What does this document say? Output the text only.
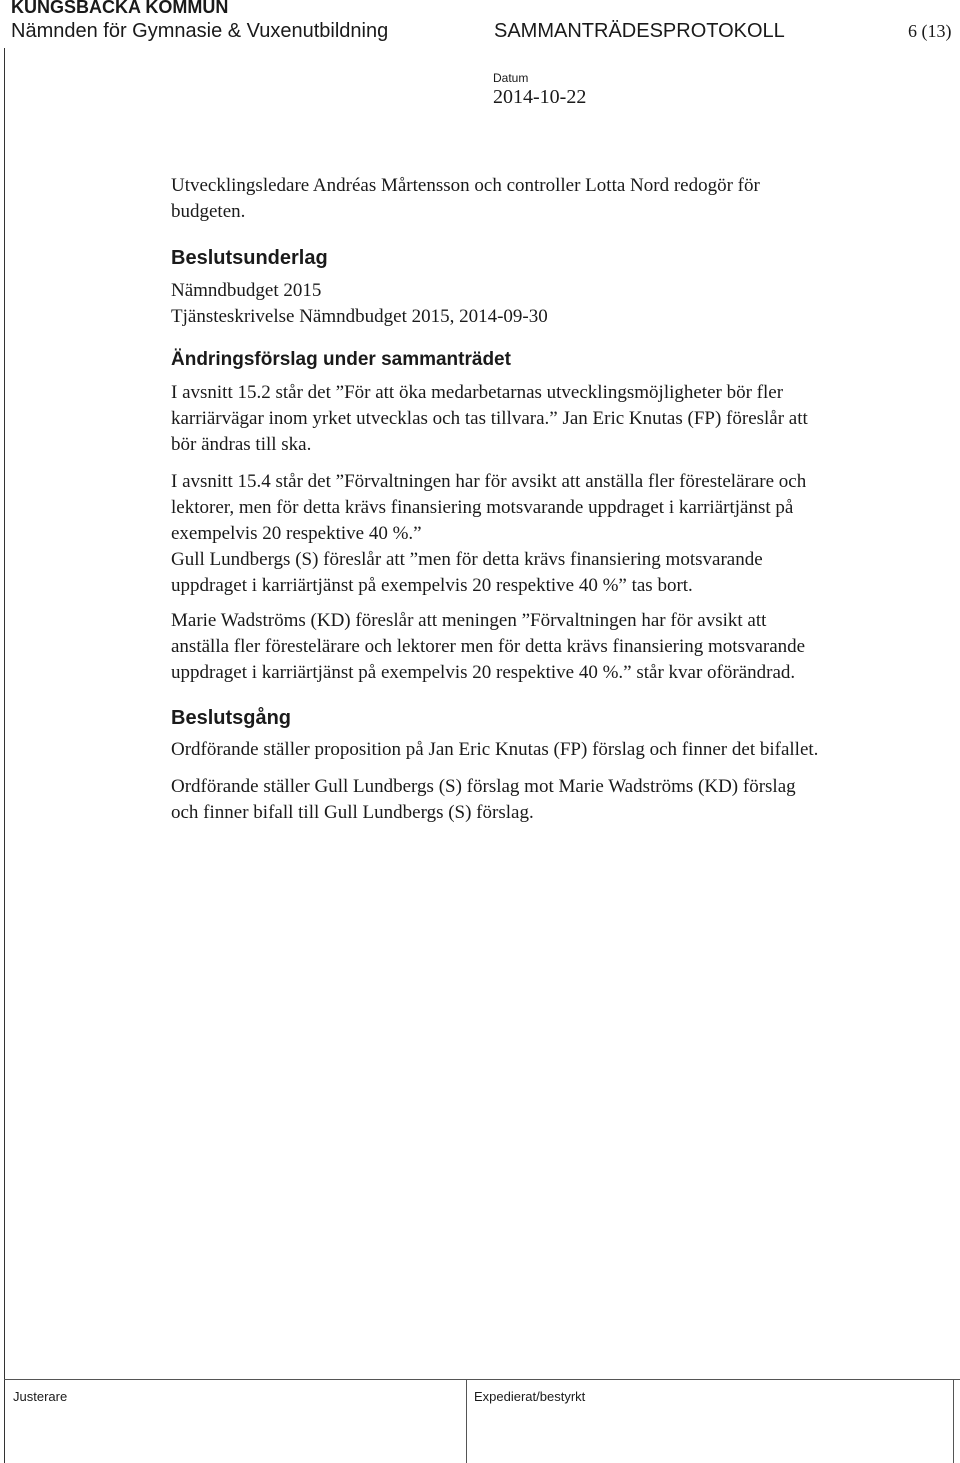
KUNGSBACKA KOMMUN
Nämnden för Gymnasie & Vuxenutbildning	SAMMANTRÄDESPROTOKOLL	6 (13)
Datum
2014-10-22
Utvecklingsledare Andréas Mårtensson och controller Lotta Nord redogör för
budgeten.
Beslutsunderlag
Nämndbudget 2015
Tjänsteskrivelse Nämndbudget 2015, 2014-09-30
Ändringsförslag under sammanträdet
I avsnitt 15.2 står det ”För att öka medarbetarnas utvecklingsmöjligheter bör fler
karriärvägar inom yrket utvecklas och tas tillvara.” Jan Eric Knutas (FP) föreslår att
bör ändras till ska.
I avsnitt 15.4 står det ”Förvaltningen har för avsikt att anställa fler förestelärare och
lektorer, men för detta krävs finansiering motsvarande uppdraget i karriärtjänst på
exempelvis 20 respektive 40 %.”
Gull Lundbergs (S) föreslår att ”men för detta krävs finansiering motsvarande
uppdraget i karriärtjänst på exempelvis 20 respektive 40 %” tas bort.
Marie Wadströms (KD) föreslår att meningen ”Förvaltningen har för avsikt att
anställa fler förestelärare och lektorer men för detta krävs finansiering motsvarande
uppdraget i karriärtjänst på exempelvis 20 respektive 40 %.” står kvar oförändrad.
Beslutsgång
Ordförande ställer proposition på Jan Eric Knutas (FP) förslag och finner det bifallet.
Ordförande ställer Gull Lundbergs (S) förslag mot Marie Wadströms (KD) förslag
och finner bifall till Gull Lundbergs (S) förslag.
Justerare	Expedierat/bestyrkt
